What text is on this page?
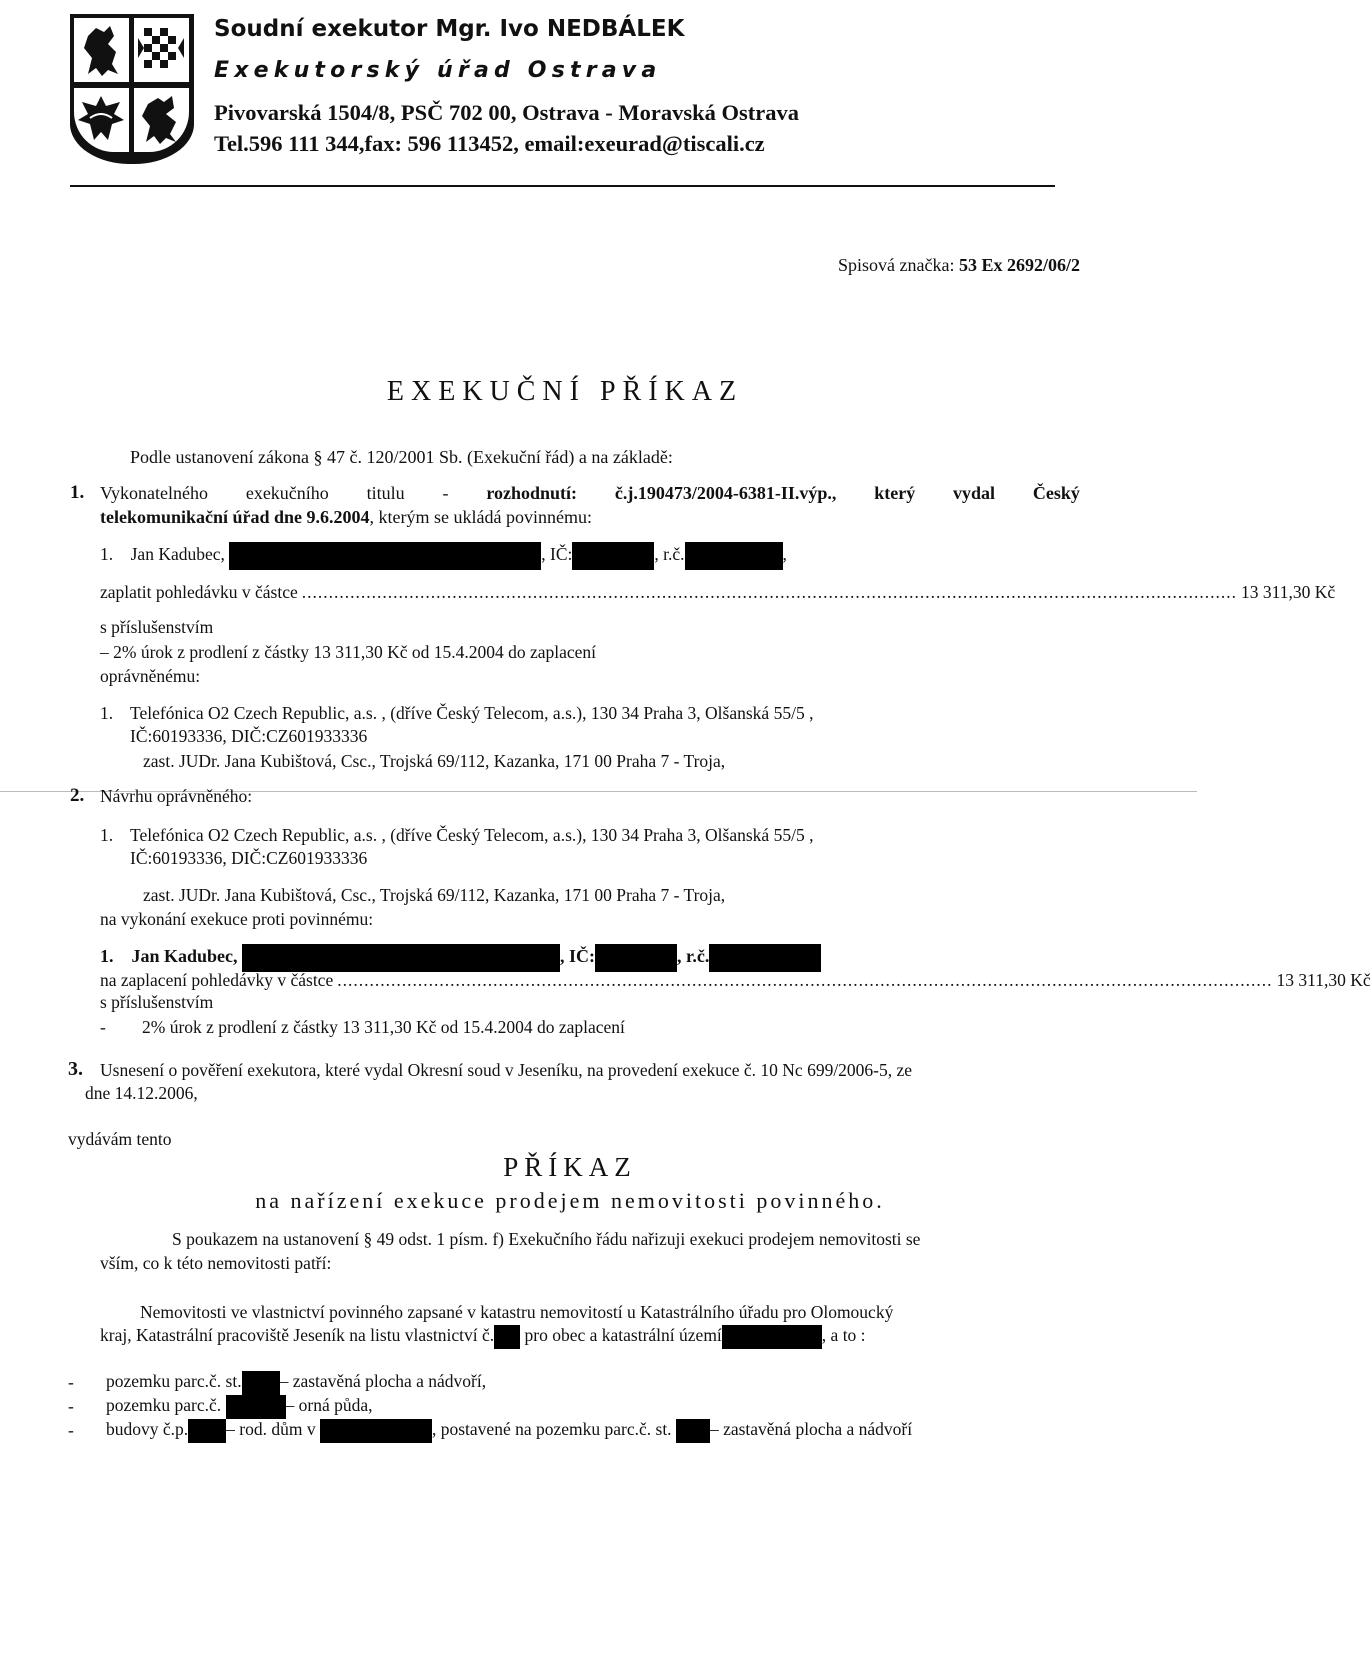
Soudní exekutor Mgr. Ivo NEDBÁLEK
Exekutorský úřad Ostrava
Pivovarská 1504/8, PSČ 702 00, Ostrava - Moravská Ostrava
Tel.596 111 344,fax: 596 113452, email:exeurad@tiscali.cz
Spisová značka: 53 Ex 2692/06/2
EXEKUČNÍ PŘÍKAZ
Podle ustanovení zákona § 47 č. 120/2001 Sb. (Exekuční řád) a na základě:
1. Vykonatelného exekučního titulu - rozhodnutí: č.j.190473/2004-6381-II.výp., který vydal Český
telekomunikační úřad dne 9.6.2004, kterým se ukládá povinnému:
1. Jan Kadubec,	, IČ:	, r.č.	,
zaplatit pohledávku v částce .............................................................................................................................................................................. 13 311,30 Kč
s příslušenstvím
– 2% úrok z prodlení z částky 13 311,30 Kč od 15.4.2004 do zaplacení
oprávněnému:
1. Telefónica O2 Czech Republic, a.s. , (dříve Český Telecom, a.s.), 130 34 Praha 3, Olšanská 55/5 ,
IČ:60193336, DIČ:CZ601933336
zast. JUDr. Jana Kubištová, Csc., Trojská 69/112, Kazanka, 171 00 Praha 7 - Troja,
2. Návrhu oprávněného:
1. Telefónica O2 Czech Republic, a.s. , (dříve Český Telecom, a.s.), 130 34 Praha 3, Olšanská 55/5 ,
IČ:60193336, DIČ:CZ601933336
zast. JUDr. Jana Kubištová, Csc., Trojská 69/112, Kazanka, 171 00 Praha 7 - Troja,
na vykonání exekuce proti povinnému:
1. Jan Kadubec,	, IČ:	, r.č.
na zaplacení pohledávky v částce .............................................................................................................................................................................. 13 311,30 Kč
s příslušenstvím
- 2% úrok z prodlení z částky 13 311,30 Kč od 15.4.2004 do zaplacení
3. Usnesení o pověření exekutora, které vydal Okresní soud v Jeseníku, na provedení exekuce č. 10 Nc 699/2006-5, ze
dne 14.12.2006,
vydávám tento
PŘÍKAZ
na nařízení exekuce prodejem nemovitosti povinného.
S poukazem na ustanovení § 49 odst. 1 písm. f) Exekučního řádu nařizuji exekuci prodejem nemovitosti se
vším, co k této nemovitosti patří:
Nemovitosti ve vlastnictví povinného zapsané v katastru nemovitostí u Katastrálního úřadu pro Olomoucký
kraj, Katastrální pracoviště Jeseník na listu vlastnictví č. pro obec a katastrální území	, a to :
- pozemku parc.č. st. – zastavěná plocha a nádvoří,
- pozemku parc.č.	– orná půda,
- budovy č.p. – rod. dům v	, postavené na pozemku parc.č. st. – zastavěná plocha a nádvoří
